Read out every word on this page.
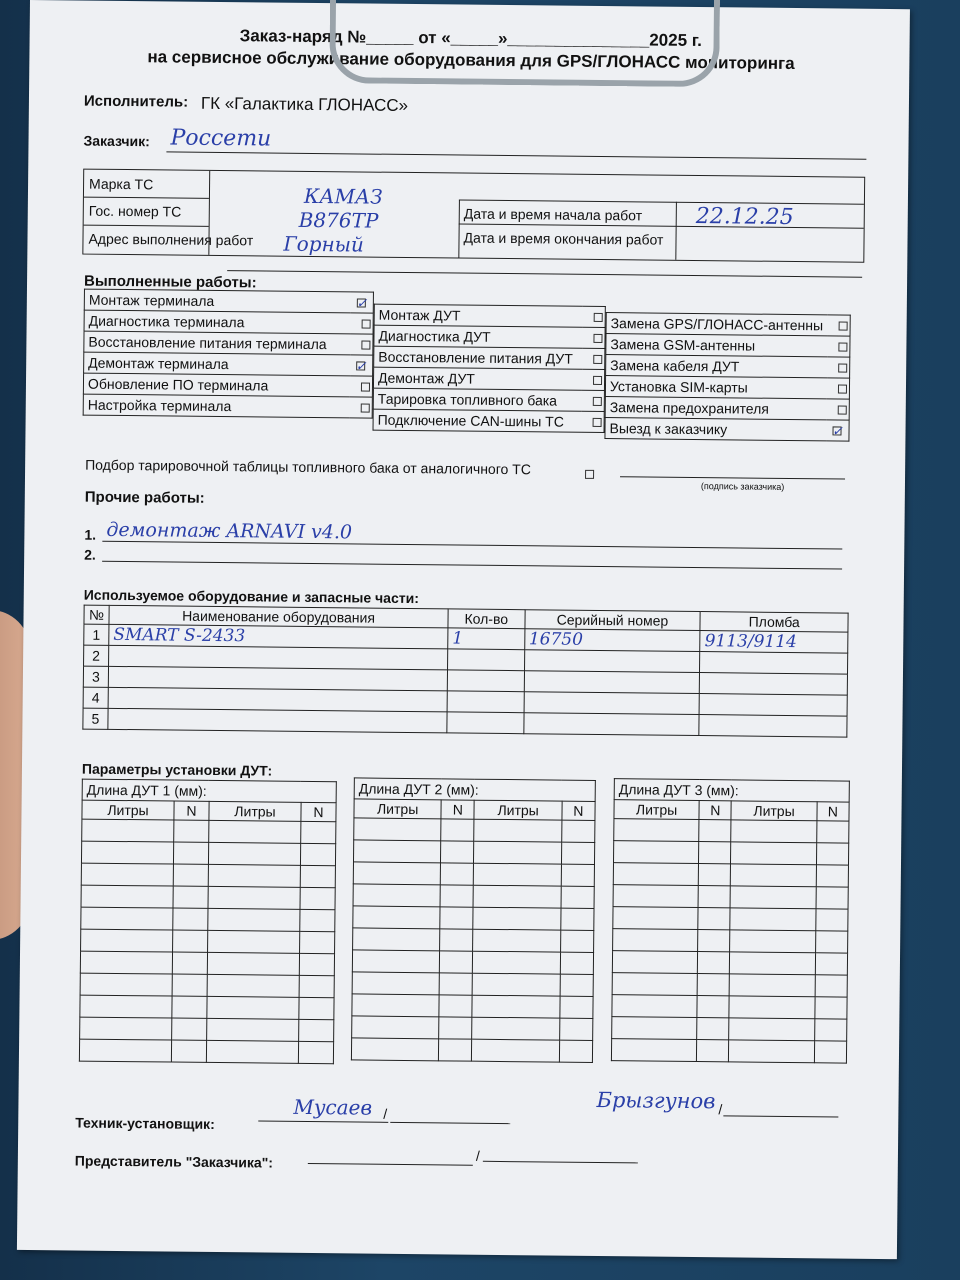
Заказ-наряд №_____ от «_____»_______________2025 г.
на сервисное обслуживание оборудования для GPS/ГЛОНАСС мониторинга
Исполнитель: ГК «Галактика ГЛОНАСС»
Заказчик: Россети
Марка ТС	КАМАЗ
Гос. номер ТС	В876ТР
Адрес выполнения работ Горный
Дата и время начала работ 22.12.25
Дата и время окончания работ
Выполненные работы:
Монтаж терминала	✓
Диагностика терминала	
Восстановление питания терминала	
Демонтаж терминала	✓
Обновление ПО терминала	
Настройка терминала	
Монтаж ДУТ	
Диагностика ДУТ	
Восстановление питания ДУТ	
Демонтаж ДУТ	
Тарировка топливного бака	
Подключение CAN-шины ТС	
Замена GPS/ГЛОНАСС-антенны	
Замена GSM-антенны	
Замена кабеля ДУТ	
Установка SIM-карты	
Замена предохранителя	
Выезд к заказчику	✓
Подбор тарировочной таблицы топливного бака от аналогичного ТС
(подпись заказчика)
Прочие работы:
1. демонтаж ARNAVI v4.0
2.
Используемое оборудование и запасные части:
№	Наименование оборудования	Кол-во	Серийный номер	Пломба
1	SMART S-2433	1	16750	9113/9114
2				
3				
4				
5				
Параметры установки ДУТ:
Длина ДУТ 1 (мм):			
Литры	N	Литры	N

Длина ДУТ 2 (мм):			
Литры	N	Литры	N

Длина ДУТ 3 (мм):			
Литры	N	Литры	N

Техник-установщик:
Мусаев /
Брызгунов /
Представитель "Заказчика":	/
